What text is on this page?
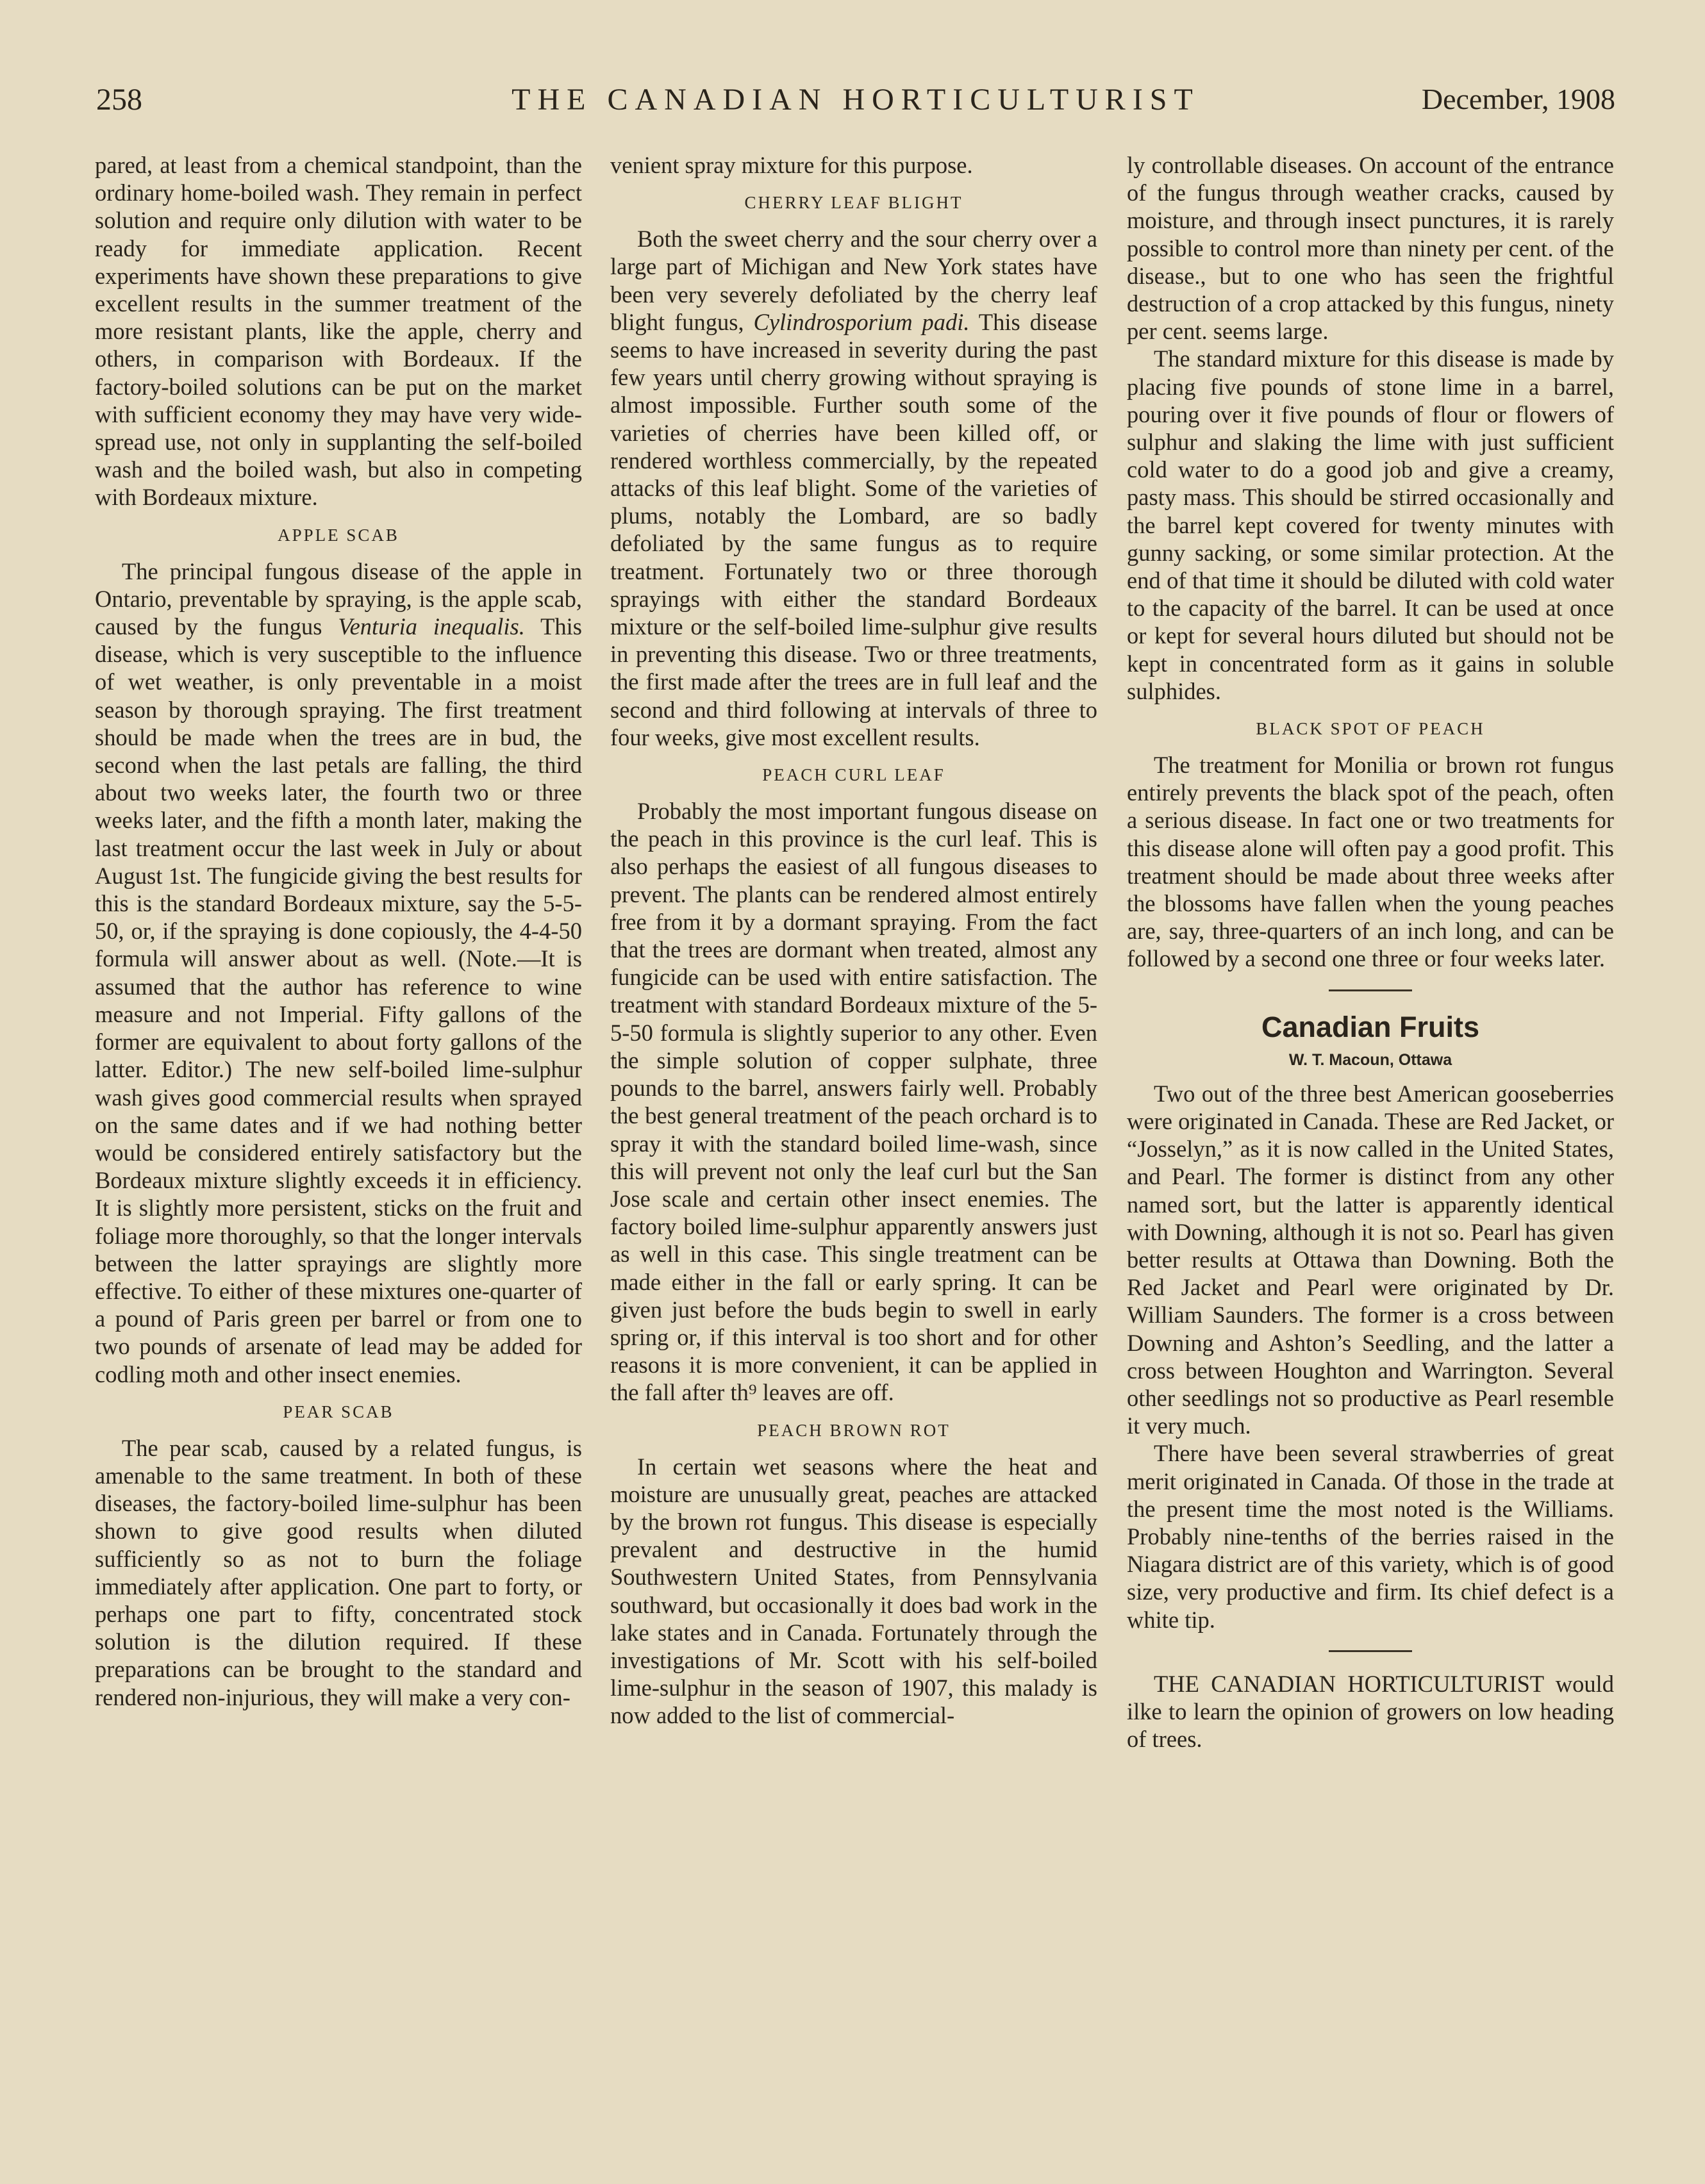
258	THE CANADIAN HORTICULTURIST	December, 1908

pared, at least from a chemical standpoint, than the ordinary home-boiled wash. They remain in perfect solution and require only dilution with water to be ready for immediate application. Recent experiments have shown these preparations to give excellent results in the summer treatment of the more resistant plants, like the apple, cherry and others, in comparison with Bordeaux. If the factory-boiled solutions can be put on the market with sufficient economy they may have very wide-spread use, not only in supplanting the self-boiled wash and the boiled wash, but also in competing with Bordeaux mixture.

APPLE SCAB

The principal fungous disease of the apple in Ontario, preventable by spraying, is the apple scab, caused by the fungus Venturia inequalis. This disease, which is very susceptible to the influence of wet weather, is only preventable in a moist season by thorough spraying. The first treatment should be made when the trees are in bud, the second when the last petals are falling, the third about two weeks later, the fourth two or three weeks later, and the fifth a month later, making the last treatment occur the last week in July or about August 1st. The fungicide giving the best results for this is the standard Bordeaux mixture, say the 5-5-50, or, if the spraying is done copiously, the 4-4-50 formula will answer about as well. (Note.—It is assumed that the author has reference to wine measure and not Imperial. Fifty gallons of the former are equivalent to about forty gallons of the latter. Editor.) The new self-boiled lime-sulphur wash gives good commercial results when sprayed on the same dates and if we had nothing better would be considered entirely satisfactory but the Bordeaux mixture slightly exceeds it in efficiency. It is slightly more persistent, sticks on the fruit and foliage more thoroughly, so that the longer intervals between the latter sprayings are slightly more effective. To either of these mixtures one-quarter of a pound of Paris green per barrel or from one to two pounds of arsenate of lead may be added for codling moth and other insect enemies.

PEAR SCAB

The pear scab, caused by a related fungus, is amenable to the same treatment. In both of these diseases, the factory-boiled lime-sulphur has been shown to give good results when diluted sufficiently so as not to burn the foliage immediately after application. One part to forty, or perhaps one part to fifty, concentrated stock solution is the dilution required. If these preparations can be brought to the standard and rendered non-injurious, they will make a very con-

venient spray mixture for this purpose.

CHERRY LEAF BLIGHT

Both the sweet cherry and the sour cherry over a large part of Michigan and New York states have been very severely defoliated by the cherry leaf blight fungus, Cylindrosporium padi. This disease seems to have increased in severity during the past few years until cherry growing without spraying is almost impossible. Further south some of the varieties of cherries have been killed off, or rendered worthless commercially, by the repeated attacks of this leaf blight. Some of the varieties of plums, notably the Lombard, are so badly defoliated by the same fungus as to require treatment. Fortunately two or three thorough sprayings with either the standard Bordeaux mixture or the self-boiled lime-sulphur give results in preventing this disease. Two or three treatments, the first made after the trees are in full leaf and the second and third following at intervals of three to four weeks, give most excellent results.

PEACH CURL LEAF

Probably the most important fungous disease on the peach in this province is the curl leaf. This is also perhaps the easiest of all fungous diseases to prevent. The plants can be rendered almost entirely free from it by a dormant spraying. From the fact that the trees are dormant when treated, almost any fungicide can be used with entire satisfaction. The treatment with standard Bordeaux mixture of the 5-5-50 formula is slightly superior to any other. Even the simple solution of copper sulphate, three pounds to the barrel, answers fairly well. Probably the best general treatment of the peach orchard is to spray it with the standard boiled lime-wash, since this will prevent not only the leaf curl but the San Jose scale and certain other insect enemies. The factory boiled lime-sulphur apparently answers just as well in this case. This single treatment can be made either in the fall or early spring. It can be given just before the buds begin to swell in early spring or, if this interval is too short and for other reasons it is more convenient, it can be applied in the fall after th⁹ leaves are off.

PEACH BROWN ROT

In certain wet seasons where the heat and moisture are unusually great, peaches are attacked by the brown rot fungus. This disease is especially prevalent and destructive in the humid Southwestern United States, from Pennsylvania southward, but occasionally it does bad work in the lake states and in Canada. Fortunately through the investigations of Mr. Scott with his self-boiled lime-sulphur in the season of 1907, this malady is now added to the list of commercial-

ly controllable diseases. On account of the entrance of the fungus through weather cracks, caused by moisture, and through insect punctures, it is rarely possible to control more than ninety per cent. of the disease., but to one who has seen the frightful destruction of a crop attacked by this fungus, ninety per cent. seems large.

The standard mixture for this disease is made by placing five pounds of stone lime in a barrel, pouring over it five pounds of flour or flowers of sulphur and slaking the lime with just sufficient cold water to do a good job and give a creamy, pasty mass. This should be stirred occasionally and the barrel kept covered for twenty minutes with gunny sacking, or some similar protection. At the end of that time it should be diluted with cold water to the capacity of the barrel. It can be used at once or kept for several hours diluted but should not be kept in concentrated form as it gains in soluble sulphides.

BLACK SPOT OF PEACH

The treatment for Monilia or brown rot fungus entirely prevents the black spot of the peach, often a serious disease. In fact one or two treatments for this disease alone will often pay a good profit. This treatment should be made about three weeks after the blossoms have fallen when the young peaches are, say, three-quarters of an inch long, and can be followed by a second one three or four weeks later.

Canadian Fruits
W. T. Macoun, Ottawa

Two out of the three best American gooseberries were originated in Canada. These are Red Jacket, or “Josselyn,” as it is now called in the United States, and Pearl. The former is distinct from any other named sort, but the latter is apparently identical with Downing, although it is not so. Pearl has given better results at Ottawa than Downing. Both the Red Jacket and Pearl were originated by Dr. William Saunders. The former is a cross between Downing and Ashton’s Seedling, and the latter a cross between Houghton and Warrington. Several other seedlings not so productive as Pearl resemble it very much.

There have been several strawberries of great merit originated in Canada. Of those in the trade at the present time the most noted is the Williams. Probably nine-tenths of the berries raised in the Niagara district are of this variety, which is of good size, very productive and firm. Its chief defect is a white tip.

THE CANADIAN HORTICULTURIST would ilke to learn the opinion of growers on low heading of trees.
